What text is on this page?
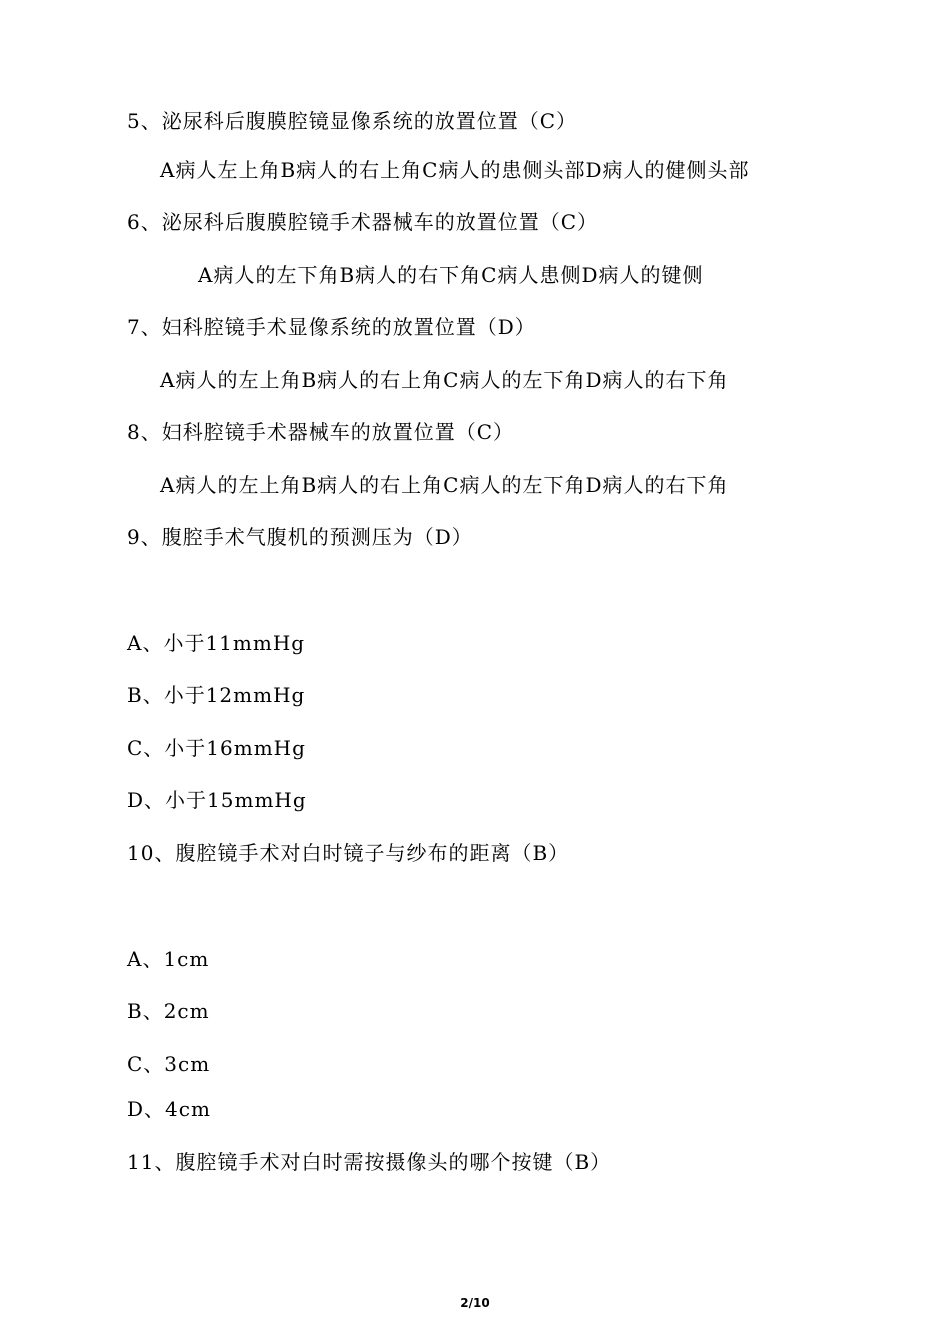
5、泌尿科后腹膜腔镜显像系统的放置位置（C）
A病人左上角B病人的右上角C病人的患侧头部D病人的健侧头部
6、泌尿科后腹膜腔镜手术器械车的放置位置（C）
A病人的左下角B病人的右下角C病人患侧D病人的键侧
7、妇科腔镜手术显像系统的放置位置（D）
A病人的左上角B病人的右上角C病人的左下角D病人的右下角
8、妇科腔镜手术器械车的放置位置（C）
A病人的左上角B病人的右上角C病人的左下角D病人的右下角
9、腹腔手术气腹机的预测压为（D）
A、小于11mmHg
B、小于12mmHg
C、小于16mmHg
D、小于15mmHg
10、腹腔镜手术对白时镜子与纱布的距离（B）
A、1cm
B、2cm
C、3cm
D、4cm
11、腹腔镜手术对白时需按摄像头的哪个按键（B）
2/10
